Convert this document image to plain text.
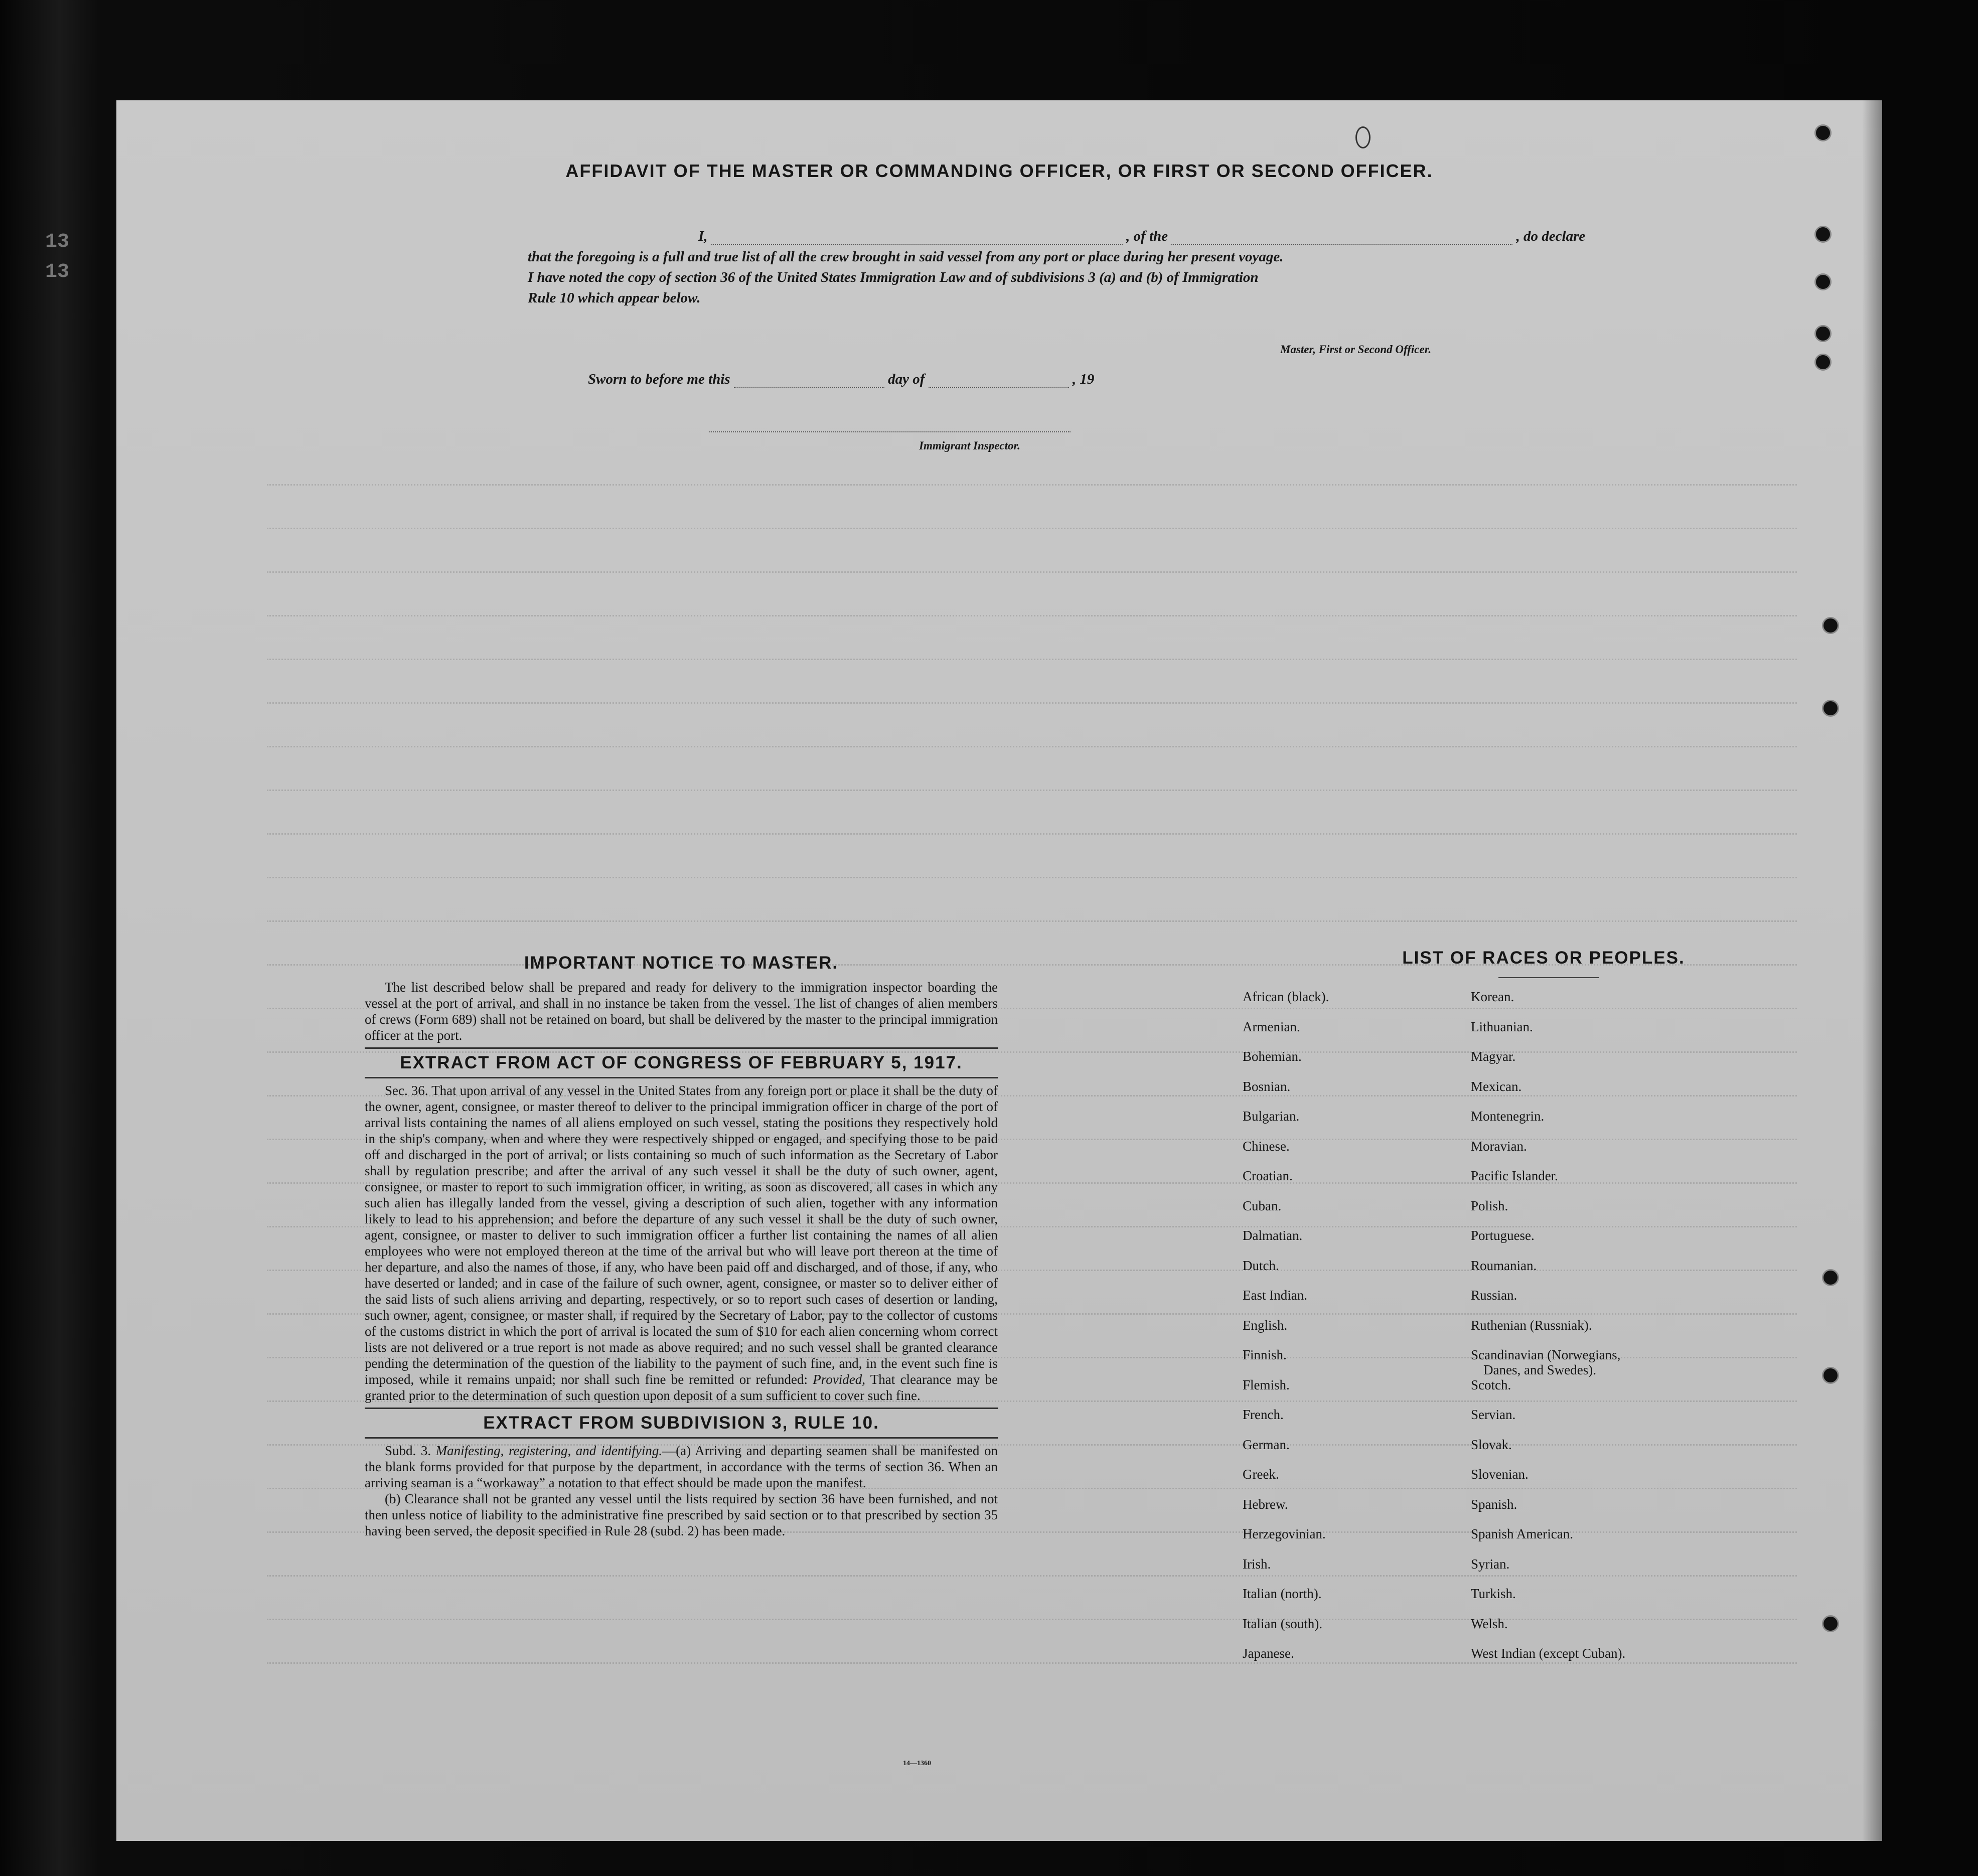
13
13
AFFIDAVIT OF THE MASTER OR COMMANDING OFFICER, OR FIRST OR SECOND OFFICER.
I,	, of the	, do declare
that the foregoing is a full and true list of all the crew brought in said vessel from any port or place during her present voyage.
I have noted the copy of section 36 of the United States Immigration Law and of subdivisions 3 (a) and (b) of Immigration
Rule 10 which appear below.
Master, First or Second Officer.
Sworn to before me this	day of	, 19
Immigrant Inspector.
IMPORTANT NOTICE TO MASTER.

The list described below shall be prepared and ready for delivery to the immigration inspector boarding the vessel at the port of arrival, and shall in no instance be taken from the vessel. The list of changes of alien members of crews (Form 689) shall not be retained on board, but shall be delivered by the master to the principal immigration officer at the port.

EXTRACT FROM ACT OF CONGRESS OF FEBRUARY 5, 1917.

Sec. 36. That upon arrival of any vessel in the United States from any foreign port or place it shall be the duty of the owner, agent, consignee, or master thereof to deliver to the principal immigration officer in charge of the port of arrival lists containing the names of all aliens employed on such vessel, stating the positions they respectively hold in the ship's company, when and where they were respectively shipped or engaged, and specifying those to be paid off and discharged in the port of arrival; or lists containing so much of such information as the Secretary of Labor shall by regulation prescribe; and after the arrival of any such vessel it shall be the duty of such owner, agent, consignee, or master to report to such immigration officer, in writing, as soon as discovered, all cases in which any such alien has illegally landed from the vessel, giving a description of such alien, together with any information likely to lead to his apprehension; and before the departure of any such vessel it shall be the duty of such owner, agent, consignee, or master to deliver to such immigration officer a further list containing the names of all alien employees who were not employed thereon at the time of the arrival but who will leave port thereon at the time of her departure, and also the names of those, if any, who have been paid off and discharged, and of those, if any, who have deserted or landed; and in case of the failure of such owner, agent, consignee, or master so to deliver either of the said lists of such aliens arriving and departing, respectively, or so to report such cases of desertion or landing, such owner, agent, consignee, or master shall, if required by the Secretary of Labor, pay to the collector of customs of the customs district in which the port of arrival is located the sum of $10 for each alien concerning whom correct lists are not delivered or a true report is not made as above required; and no such vessel shall be granted clearance pending the determination of the question of the liability to the payment of such fine, and, in the event such fine is imposed, while it remains unpaid; nor shall such fine be remitted or refunded: Provided, That clearance may be granted prior to the determination of such question upon deposit of a sum sufficient to cover such fine.

EXTRACT FROM SUBDIVISION 3, RULE 10.

Subd. 3. Manifesting, registering, and identifying.—(a) Arriving and departing seamen shall be manifested on the blank forms provided for that purpose by the department, in accordance with the terms of section 36. When an arriving seaman is a “workaway” a notation to that effect should be made upon the manifest.

(b) Clearance shall not be granted any vessel until the lists required by section 36 have been furnished, and not then unless notice of liability to the administrative fine prescribed by said section or to that prescribed by section 35 having been served, the deposit specified in Rule 28 (subd. 2) has been made.

14—1360
LIST OF RACES OR PEOPLES.
African (black).
Armenian.
Bohemian.
Bosnian.
Bulgarian.
Chinese.
Croatian.
Cuban.
Dalmatian.
Dutch.
East Indian.
English.
Finnish.
Flemish.
French.
German.
Greek.
Hebrew.
Herzegovinian.
Irish.
Italian (north).
Italian (south).
Japanese.
Korean.
Lithuanian.
Magyar.
Mexican.
Montenegrin.
Moravian.
Pacific Islander.
Polish.
Portuguese.
Roumanian.
Russian.
Ruthenian (Russniak).
Scandinavian (Norwegians,
Danes, and Swedes).
Scotch.
Servian.
Slovak.
Slovenian.
Spanish.
Spanish American.
Syrian.
Turkish.
Welsh.
West Indian (except Cuban).
